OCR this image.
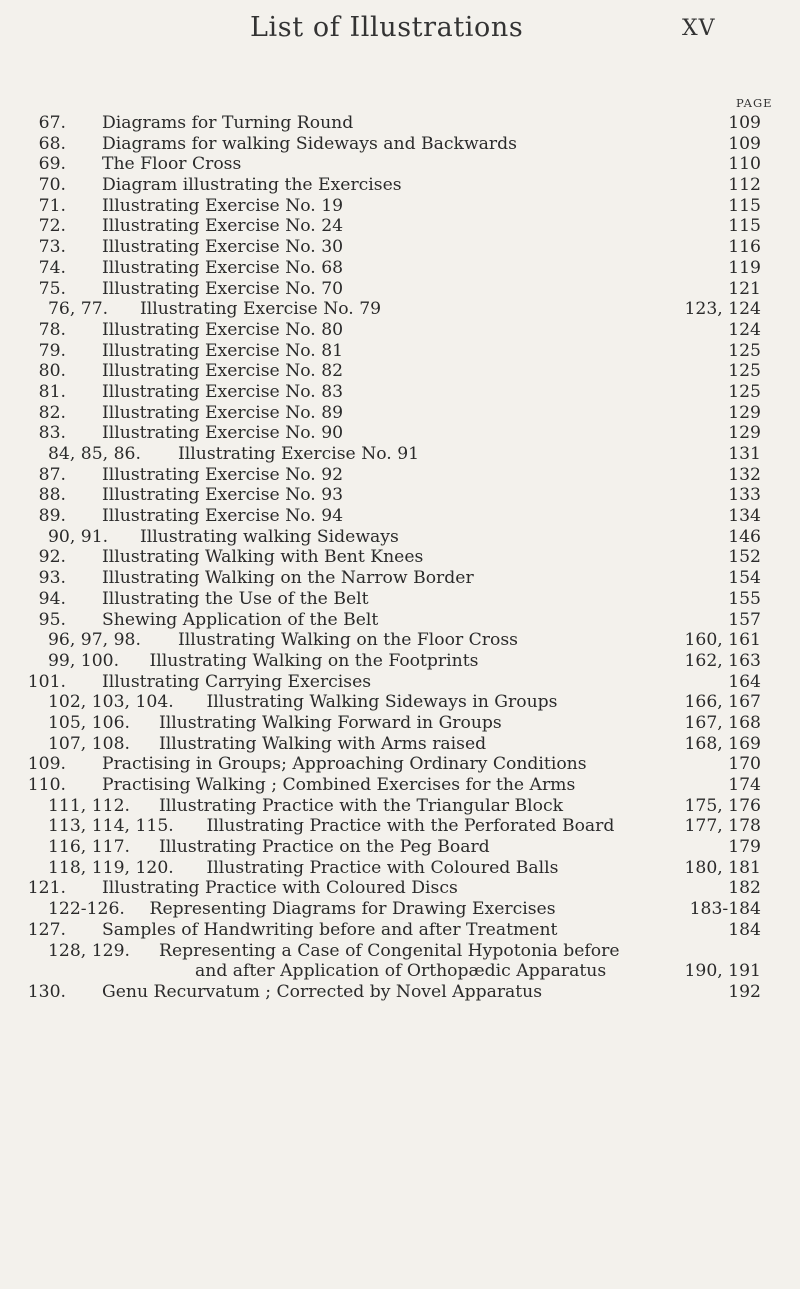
List of Illustrations	XV
PAGE
67. Diagrams for Turning Round	109
68. Diagrams for walking Sideways and Backwards	109
69. The Floor Cross	110
70. Diagram illustrating the Exercises	112
71. Illustrating Exercise No. 19	115
72. Illustrating Exercise No. 24	115
73. Illustrating Exercise No. 30	116
74. Illustrating Exercise No. 68	119
75. Illustrating Exercise No. 70	121
76, 77. Illustrating Exercise No. 79	123, 124
78. Illustrating Exercise No. 80	124
79. Illustrating Exercise No. 81	125
80. Illustrating Exercise No. 82	125
81. Illustrating Exercise No. 83	125
82. Illustrating Exercise No. 89	129
83. Illustrating Exercise No. 90	129
84, 85, 86. Illustrating Exercise No. 91	131
87. Illustrating Exercise No. 92	132
88. Illustrating Exercise No. 93	133
89. Illustrating Exercise No. 94	134
90, 91. Illustrating walking Sideways	146
92. Illustrating Walking with Bent Knees	152
93. Illustrating Walking on the Narrow Border	154
94. Illustrating the Use of the Belt	155
95. Shewing Application of the Belt	157
96, 97, 98. Illustrating Walking on the Floor Cross	160, 161
99, 100. Illustrating Walking on the Footprints	162, 163
101. Illustrating Carrying Exercises	164
102, 103, 104. Illustrating Walking Sideways in Groups	166, 167
105, 106. Illustrating Walking Forward in Groups	167, 168
107, 108. Illustrating Walking with Arms raised	168, 169
109. Practising in Groups; Approaching Ordinary Conditions	170
110. Practising Walking ; Combined Exercises for the Arms	174
111, 112. Illustrating Practice with the Triangular Block	175, 176
113, 114, 115. Illustrating Practice with the Perforated Board	177, 178
116, 117. Illustrating Practice on the Peg Board	179
118, 119, 120. Illustrating Practice with Coloured Balls	180, 181
121. Illustrating Practice with Coloured Discs	182
122-126. Representing Diagrams for Drawing Exercises	183-184
127. Samples of Handwriting before and after Treatment	184
128, 129. Representing a Case of Congenital Hypotonia before
and after Application of Orthopædic Apparatus	190, 191
130. Genu Recurvatum ; Corrected by Novel Apparatus	192
